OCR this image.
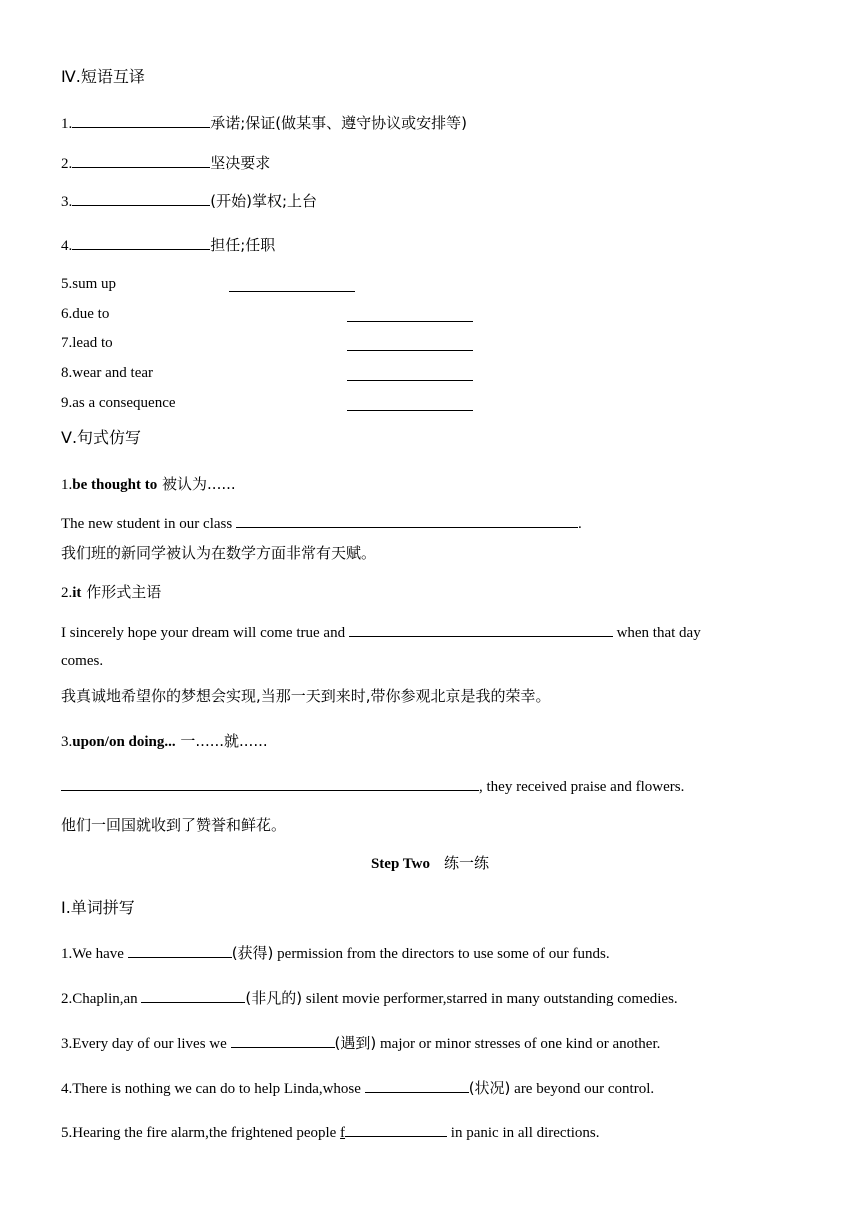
Ⅳ.短语互译
1.	承诺;保证(做某事、遵守协议或安排等)
2.	坚决要求
3.	(开始)掌权;上台
4.	担任;任职
5.sum up
6.due to
7.lead to
8.wear and tear
9.as a consequence
Ⅴ.句式仿写
1.be thought to 被认为......
The new student in our class	.
我们班的新同学被认为在数学方面非常有天赋。
2.it 作形式主语
I sincerely hope your dream will come true and	when that day
comes.
我真诚地希望你的梦想会实现,当那一天到来时,带你参观北京是我的荣幸。
3.upon/on doing... 一......就......
, they received praise and flowers.
他们一回国就收到了赞誉和鲜花。
Step Two 练一练
Ⅰ.单词拼写
1.We have	(获得) permission from the directors to use some of our funds.
2.Chaplin,an	(非凡的) silent movie performer,starred in many outstanding comedies.
3.Every day of our lives we	(遇到) major or minor stresses of one kind or another.
4.There is nothing we can do to help Linda,whose	(状况) are beyond our control.
5.Hearing the fire alarm,the frightened people f	in panic in all directions.
